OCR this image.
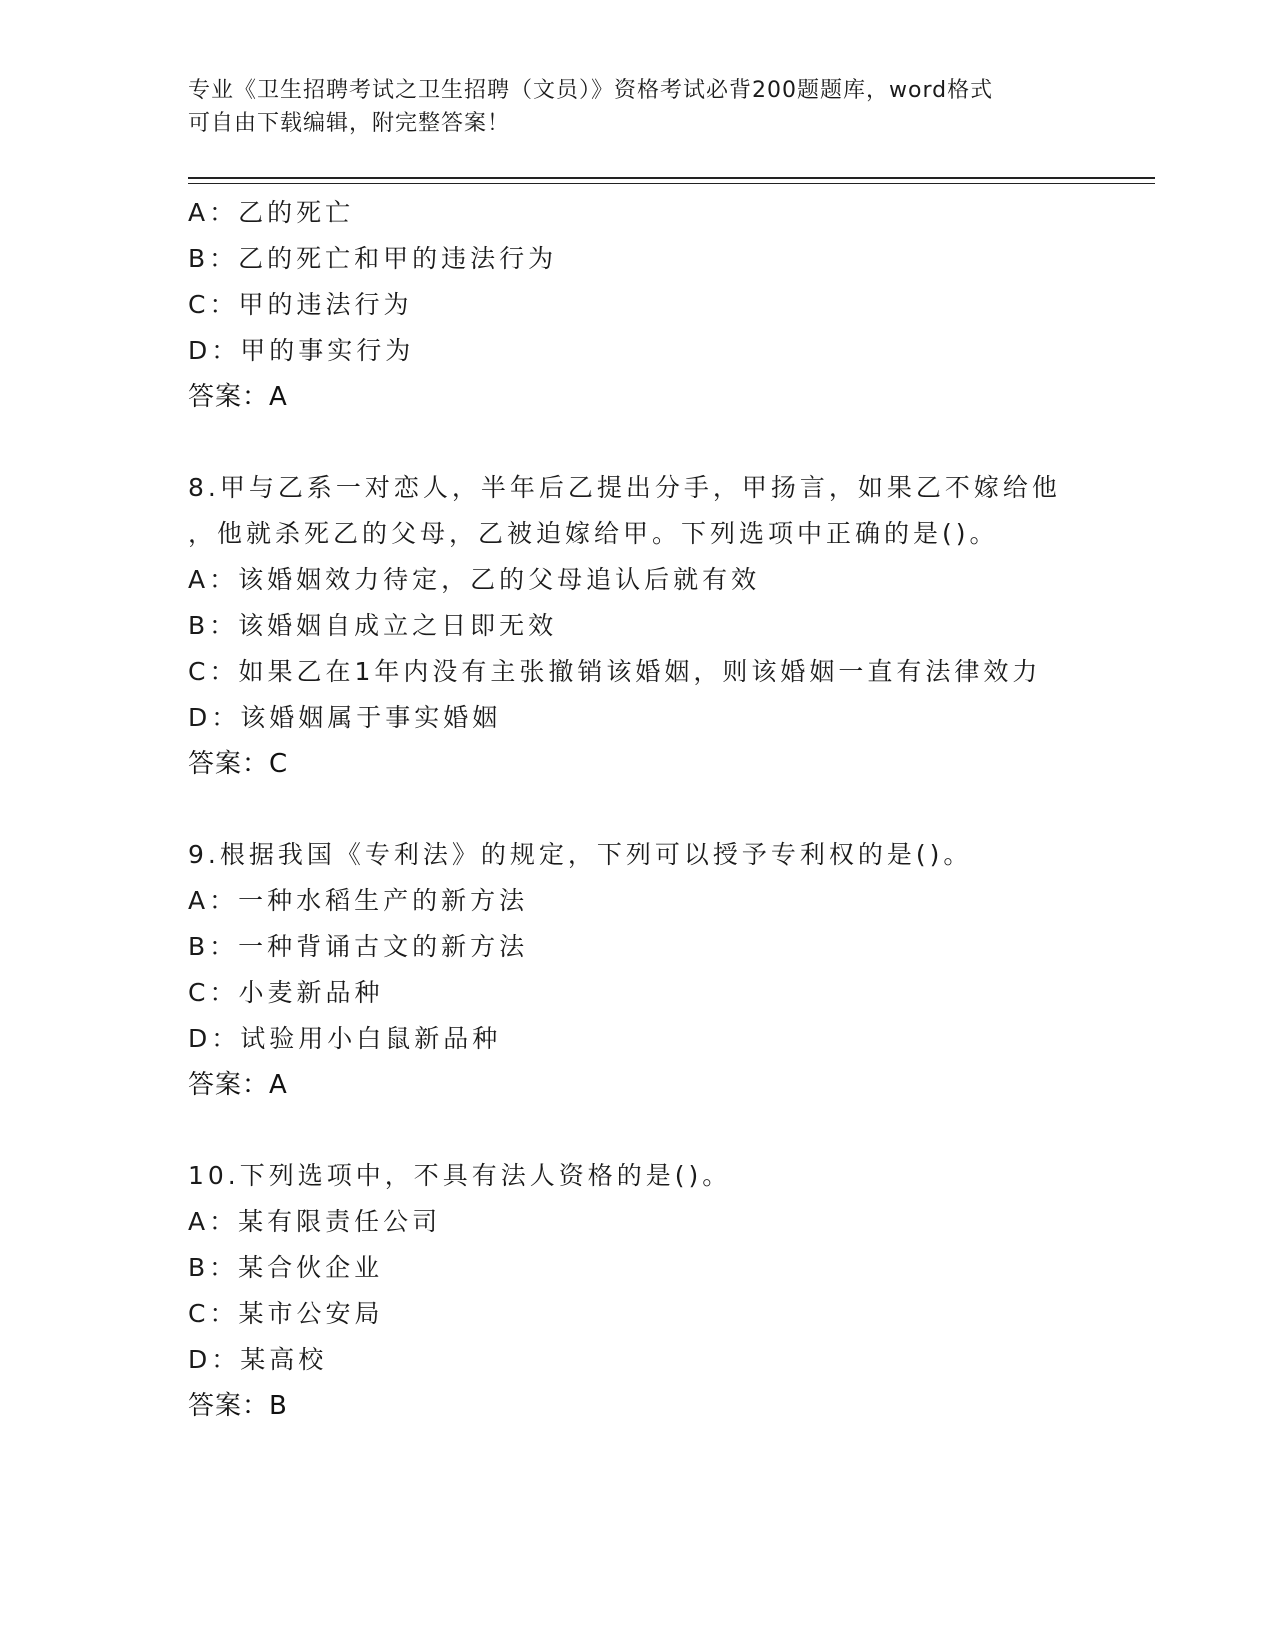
专业《卫生招聘考试之卫生招聘（文员）》资格考试必背200题题库，word格式
可自由下载编辑，附完整答案！
A：乙的死亡
B：乙的死亡和甲的违法行为
C：甲的违法行为
D：甲的事实行为
答案：A
8.甲与乙系一对恋人，半年后乙提出分手，甲扬言，如果乙不嫁给他
，他就杀死乙的父母，乙被迫嫁给甲。下列选项中正确的是()。
A：该婚姻效力待定，乙的父母追认后就有效
B：该婚姻自成立之日即无效
C：如果乙在1年内没有主张撤销该婚姻，则该婚姻一直有法律效力
D：该婚姻属于事实婚姻
答案：C
9.根据我国《专利法》的规定，下列可以授予专利权的是()。
A：一种水稻生产的新方法
B：一种背诵古文的新方法
C：小麦新品种
D：试验用小白鼠新品种
答案：A
10.下列选项中，不具有法人资格的是()。
A：某有限责任公司
B：某合伙企业
C：某市公安局
D：某高校
答案：B
